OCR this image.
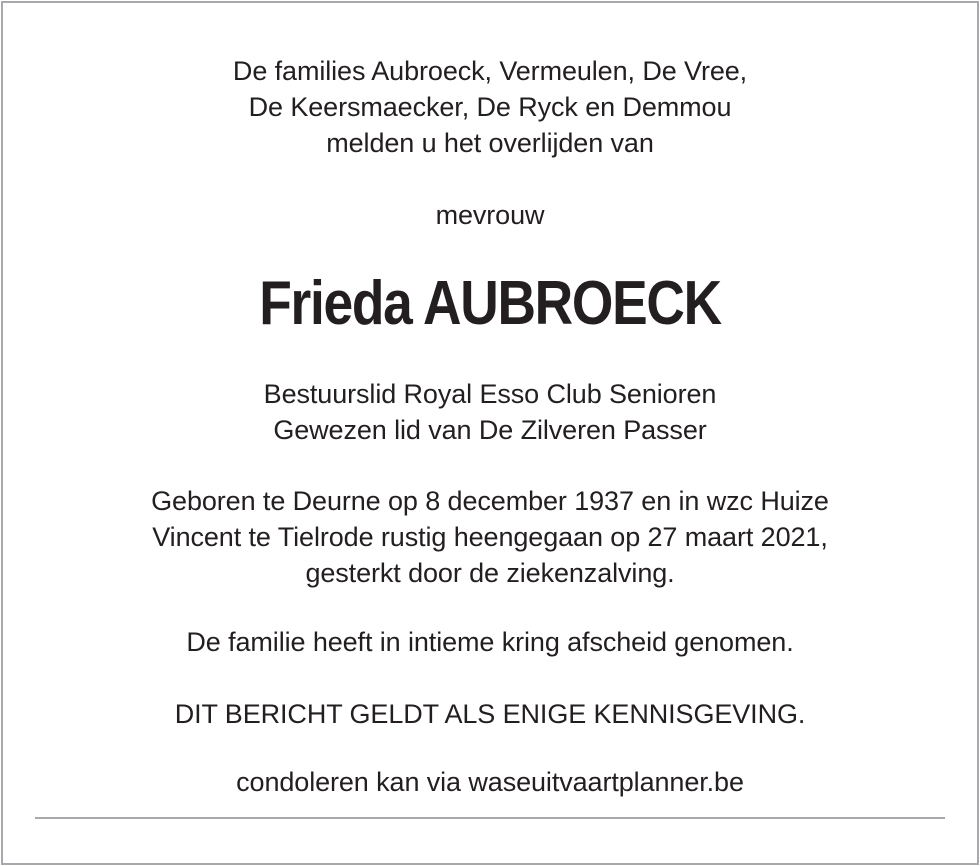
De families Aubroeck, Vermeulen, De Vree,
De Keersmaecker, De Ryck en Demmou
melden u het overlijden van
mevrouw
Frieda AUBROECK
Bestuurslid Royal Esso Club Senioren
Gewezen lid van De Zilveren Passer
Geboren te Deurne op 8 december 1937 en in wzc Huize
Vincent te Tielrode rustig heengegaan op 27 maart 2021,
gesterkt door de ziekenzalving.
De familie heeft in intieme kring afscheid genomen.
DIT BERICHT GELDT ALS ENIGE KENNISGEVING.
condoleren kan via waseuitvaartplanner.be
